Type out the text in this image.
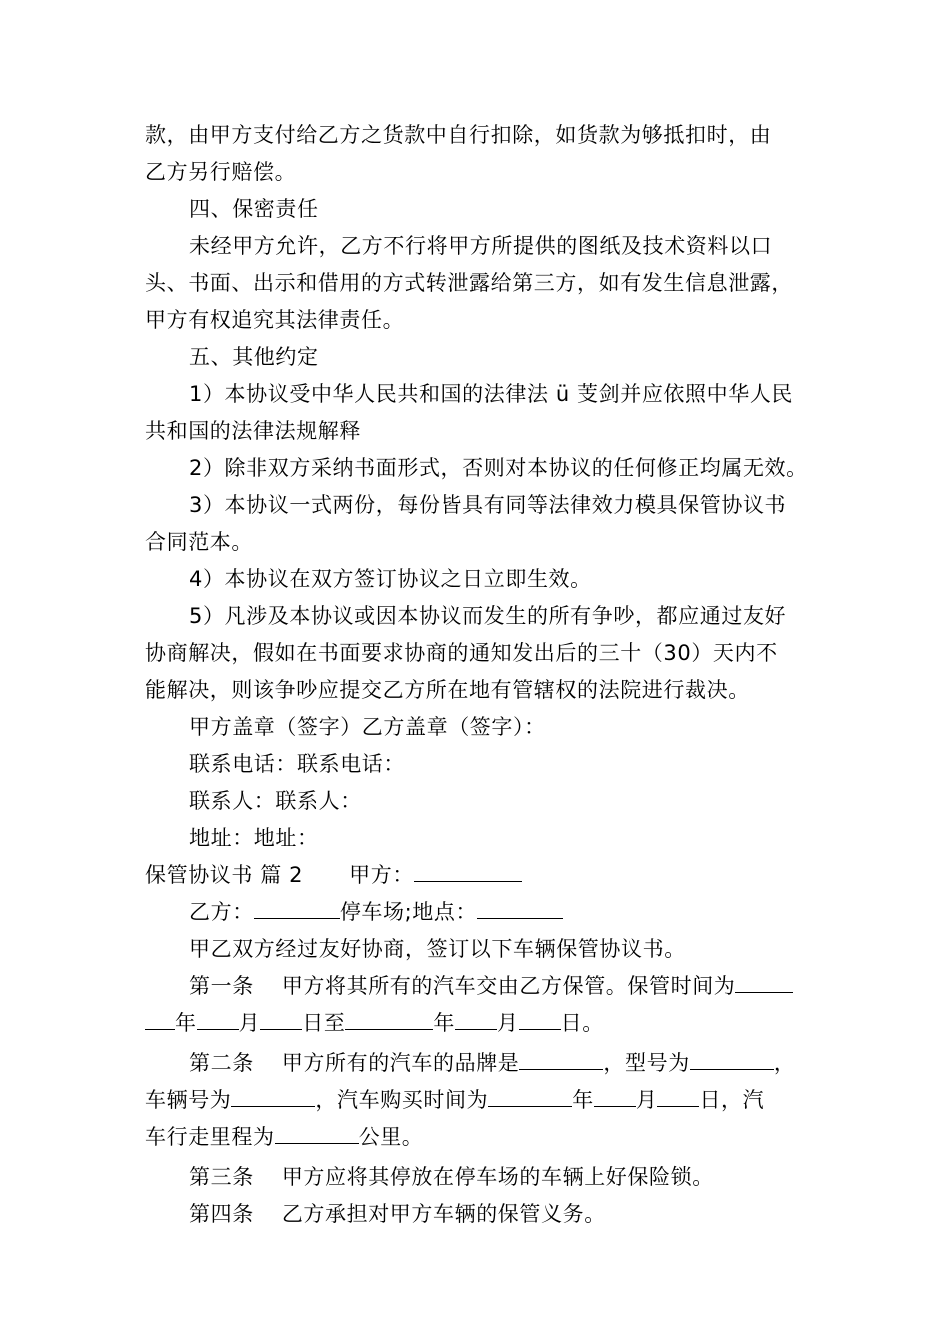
款，由甲方支付给乙方之货款中自行扣除，如货款为够抵扣时，由
乙方另行赔偿。
四、保密责任
未经甲方允许，乙方不行将甲方所提供的图纸及技术资料以口
头、书面、出示和借用的方式转泄露给第三方，如有发生信息泄露，
甲方有权追究其法律责任。
五、其他约定
1）本协议受中华人民共和国的法律法 ü 芰剑并应依照中华人民
共和国的法律法规解释
2）除非双方采纳书面形式，否则对本协议的任何修正均属无效。
3）本协议一式两份，每份皆具有同等法律效力模具保管协议书
合同范本。
4）本协议在双方签订协议之日立即生效。
5）凡涉及本协议或因本协议而发生的所有争吵，都应通过友好
协商解决，假如在书面要求协商的通知发出后的三十（30）天内不
能解决，则该争吵应提交乙方所在地有管辖权的法院进行裁决。
甲方盖章（签字）乙方盖章（签字）：
联系电话：联系电话：
联系人：联系人：
地址：地址：
保管协议书 篇 2 甲方：
乙方：	停车场;地点：
甲乙双方经过友好协商，签订以下车辆保管协议书。
第一条 甲方将其所有的汽车交由乙方保管。保管时间为
年 月 日至	年 月 日。
第二条 甲方所有的汽车的品牌是	，型号为	，
车辆号为	，汽车购买时间为	年 月 日，汽
车行走里程为	公里。
第三条 甲方应将其停放在停车场的车辆上好保险锁。
第四条 乙方承担对甲方车辆的保管义务。
